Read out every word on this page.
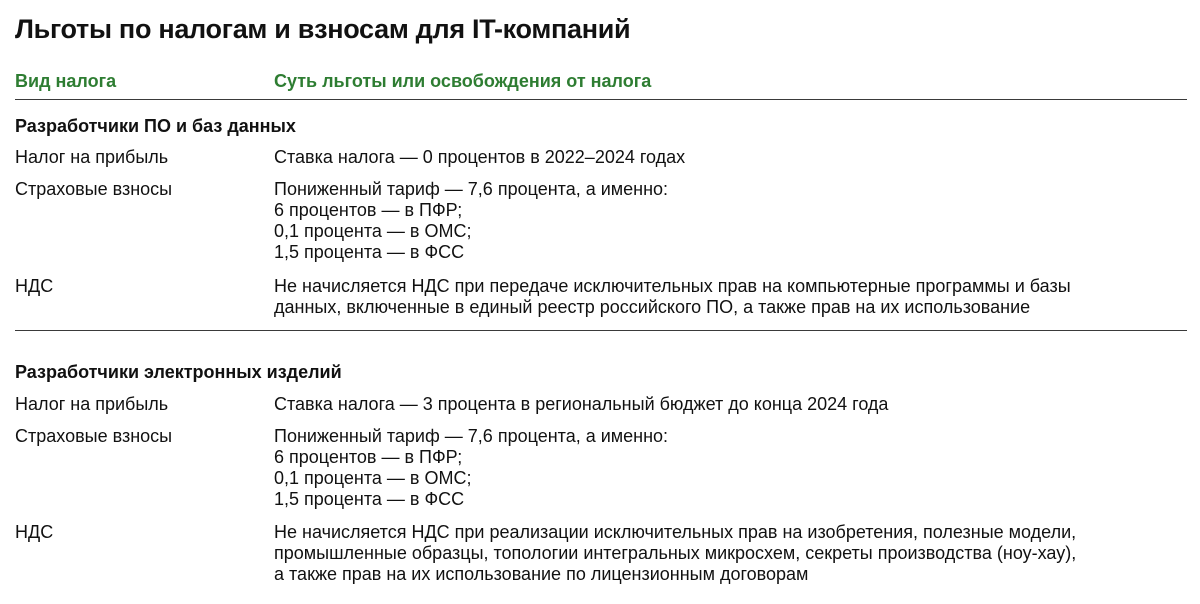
Льготы по налогам и взносам для IT-компаний
Вид налога	Суть льготы или освобождения от налога
Разработчики ПО и баз данных
Налог на прибыль	Ставка налога — 0 процентов в 2022–2024 годах
Страховые взносы	Пониженный тариф — 7,6 процента, а именно:
6 процентов — в ПФР;
0,1 процента — в ОМС;
1,5 процента — в ФСС
НДС	Не начисляется НДС при передаче исключительных прав на компьютерные программы и базы
данных, включенные в единый реестр российского ПО, а также прав на их использование
Разработчики электронных изделий
Налог на прибыль	Ставка налога — 3 процента в региональный бюджет до конца 2024 года
Страховые взносы	Пониженный тариф — 7,6 процента, а именно:
6 процентов — в ПФР;
0,1 процента — в ОМС;
1,5 процента — в ФСС
НДС	Не начисляется НДС при реализации исключительных прав на изобретения, полезные модели,
промышленные образцы, топологии интегральных микросхем, секреты производства (ноу-хау),
а также прав на их использование по лицензионным договорам
